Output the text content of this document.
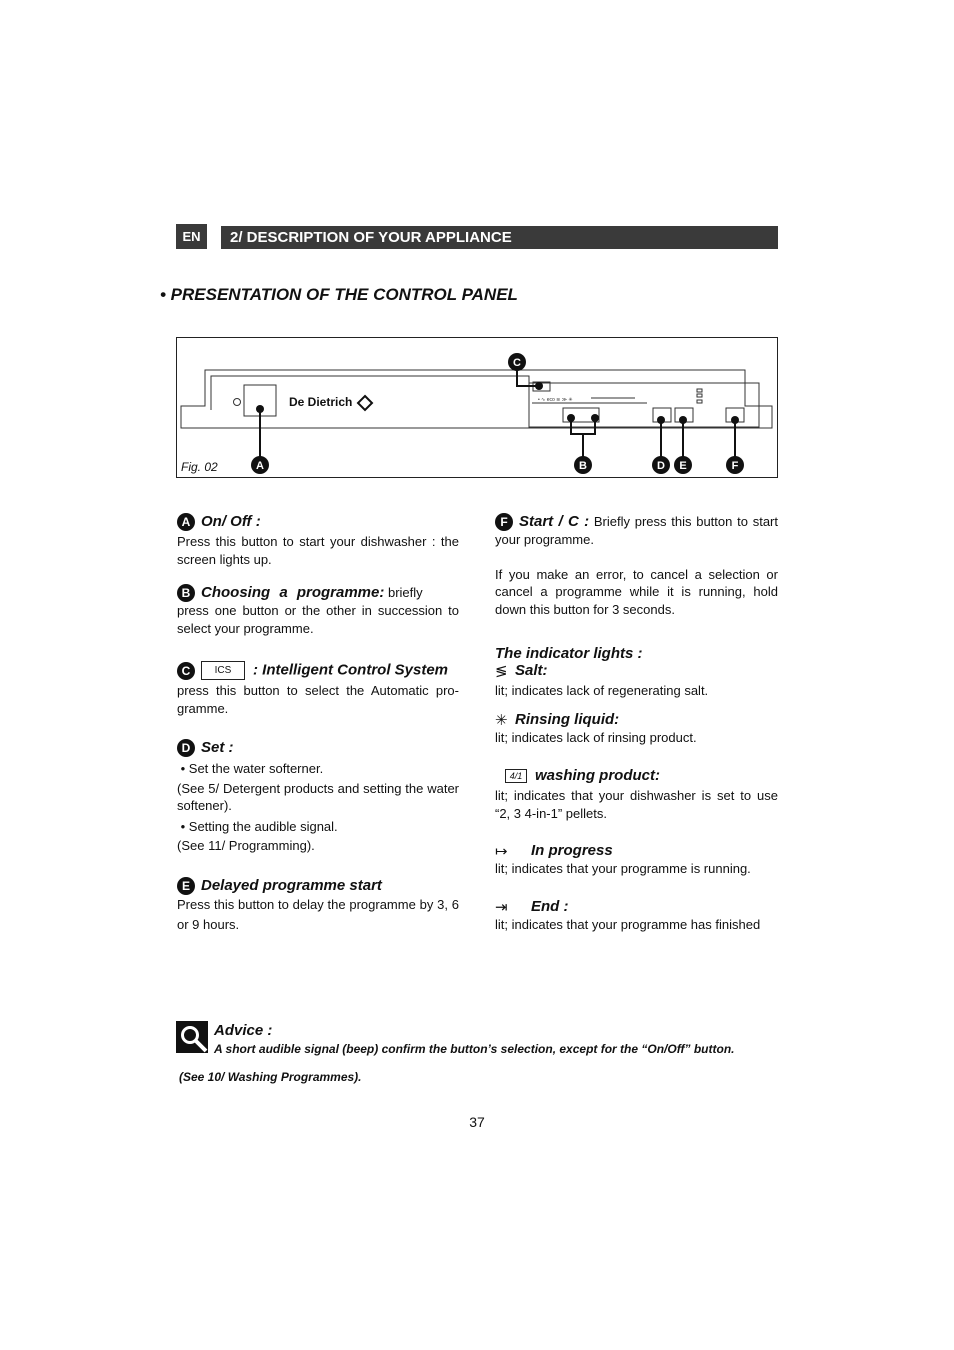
EN	2/ DESCRIPTION OF YOUR APPLIANCE
• PRESENTATION OF THE CONTROL PANEL
De Dietrich	• ∿ eco ≋ ≫ ✳
C
A	B	D E	F
Fig. 02
A On/ Off :
Press this button to start your dishwasher : the screen lights up.
B Choosing a programme: briefly
press one button or the other in succession to select your programme.
C ICS : Intelligent Control System
press this button to select the Automatic pro-gramme.
D Set :
• Set the water softerner.
(See 5/ Detergent products and setting the water softener).
• Setting the audible signal.
(See 11/ Programming).
E Delayed programme start
Press this button to delay the programme by 3, 6 or 9 hours.
F Start / C : Briefly press this button to start your programme.
If you make an error, to cancel a selection or cancel a programme while it is running, hold down this button for 3 seconds.
The indicator lights :
≶ Salt:
lit; indicates lack of regenerating salt.
✳ Rinsing liquid:
lit; indicates lack of rinsing product.
4/1 washing product:
lit; indicates that your dishwasher is set to use “2, 3 4-in-1” pellets.
↦ In progress
lit; indicates that your programme is running.
⇥ End :
lit; indicates that your programme has finished
Advice :
A short audible signal (beep) confirm the button’s selection, except for the “On/Off” button.
(See 10/ Washing Programmes).
37
